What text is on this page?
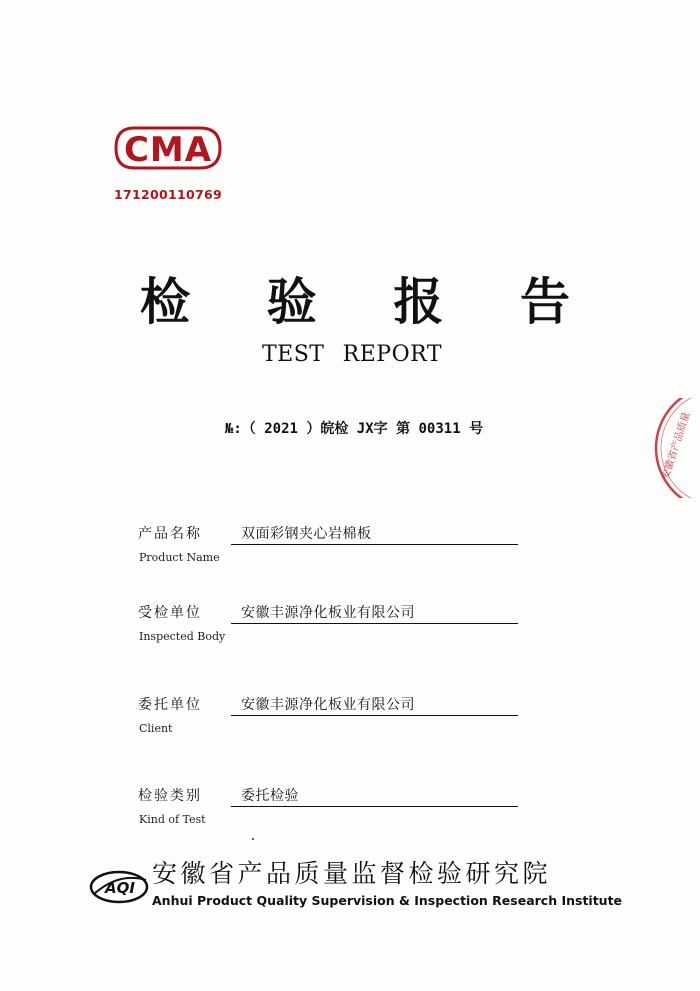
CMA
171200110769
检 验 报 告
TEST REPORT
№:（ 2021 ）皖检 JX字 第 00311 号
产品名称
Product Name
双面彩钢夹心岩棉板
受检单位
Inspected Body
安徽丰源净化板业有限公司
委托单位
Client
安徽丰源净化板业有限公司
检验类别
Kind of Test
委托检验
AQI 安徽省产品质量监督检验研究院
Anhui Product Quality Supervision & Inspection Research Institute
安徽省产品质量
